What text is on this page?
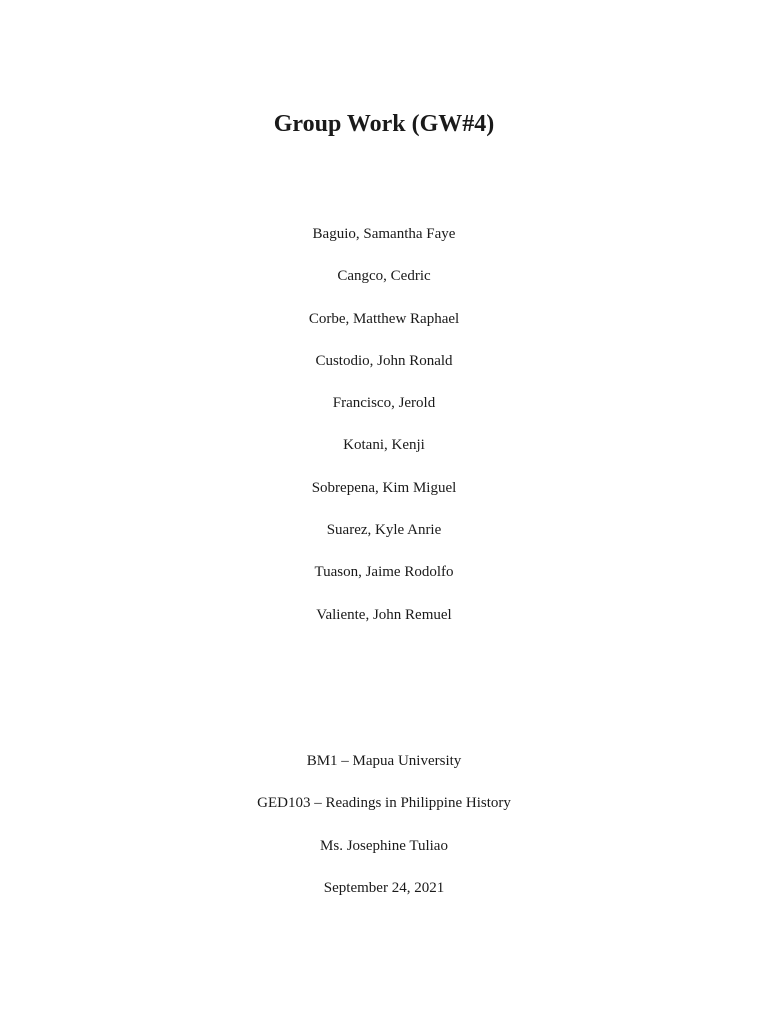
Group Work (GW#4)
Baguio, Samantha Faye
Cangco, Cedric
Corbe, Matthew Raphael
Custodio, John Ronald
Francisco, Jerold
Kotani, Kenji
Sobrepena, Kim Miguel
Suarez, Kyle Anrie
Tuason, Jaime Rodolfo
Valiente, John Remuel
BM1 – Mapua University
GED103 – Readings in Philippine History
Ms. Josephine Tuliao
September 24, 2021
